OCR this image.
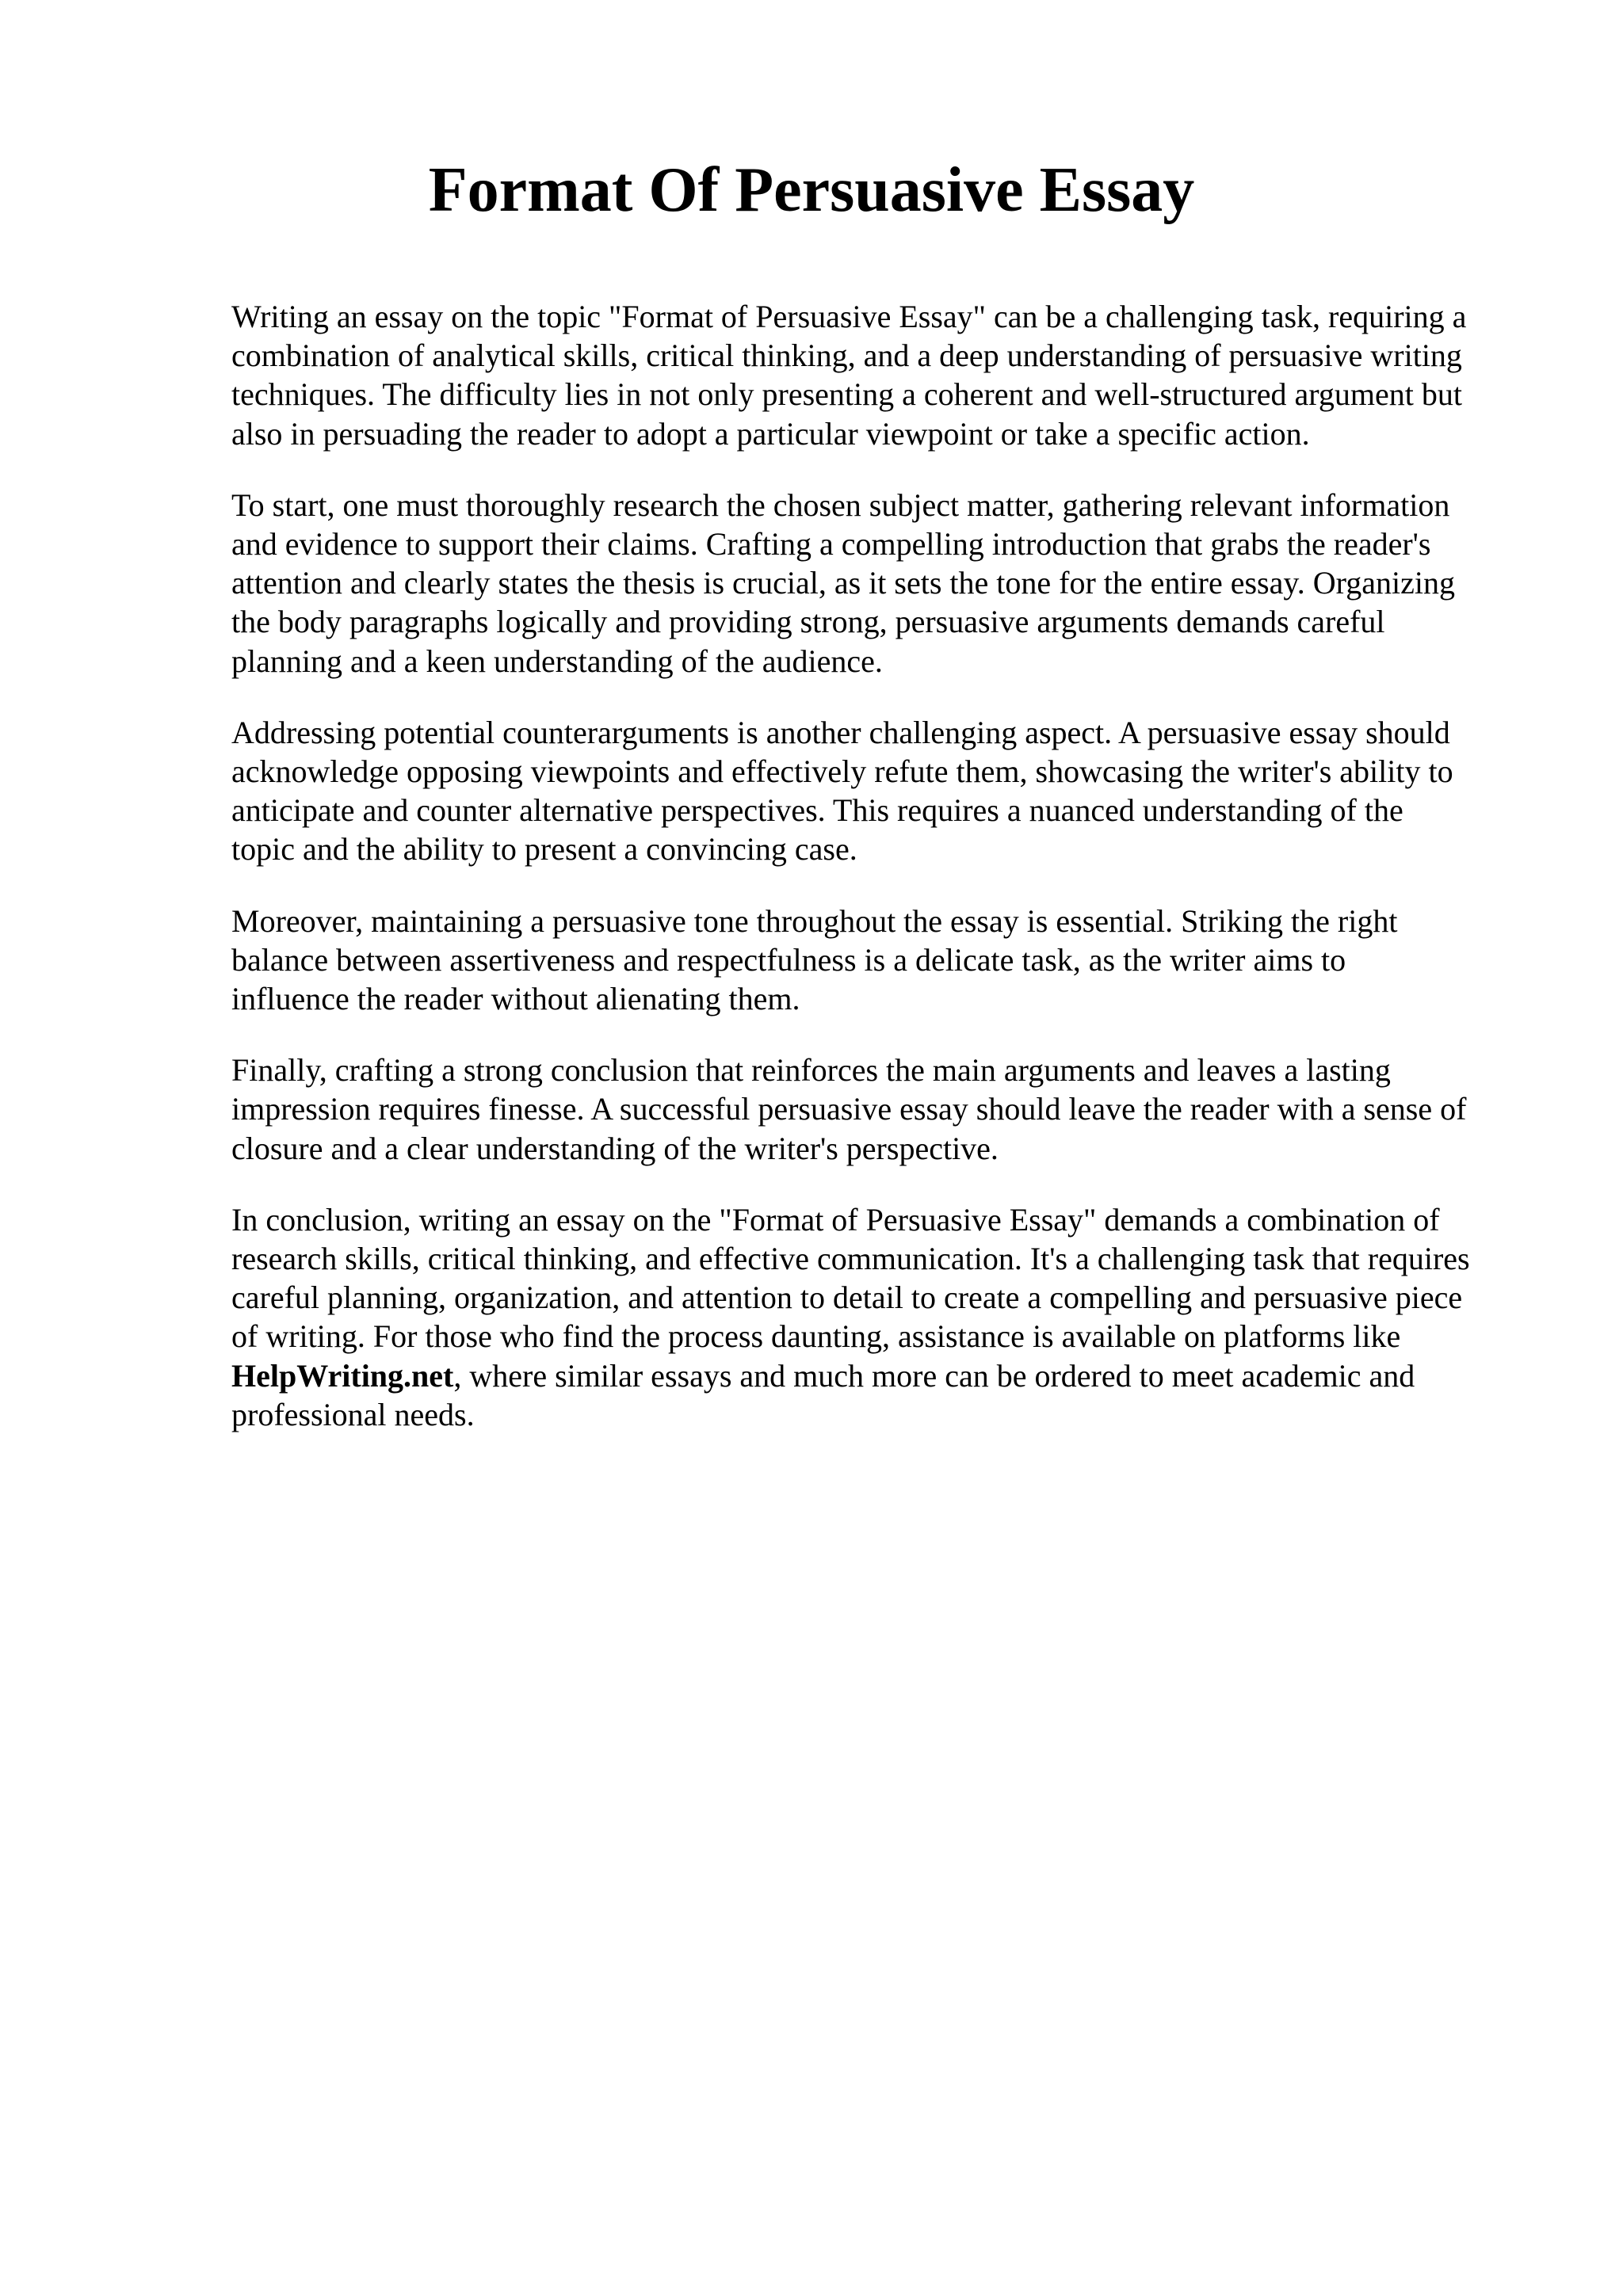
Format Of Persuasive Essay

Writing an essay on the topic "Format of Persuasive Essay" can be a challenging task, requiring a
combination of analytical skills, critical thinking, and a deep understanding of persuasive writing
techniques. The difficulty lies in not only presenting a coherent and well-structured argument but
also in persuading the reader to adopt a particular viewpoint or take a specific action.

To start, one must thoroughly research the chosen subject matter, gathering relevant information
and evidence to support their claims. Crafting a compelling introduction that grabs the reader's
attention and clearly states the thesis is crucial, as it sets the tone for the entire essay. Organizing
the body paragraphs logically and providing strong, persuasive arguments demands careful
planning and a keen understanding of the audience.

Addressing potential counterarguments is another challenging aspect. A persuasive essay should
acknowledge opposing viewpoints and effectively refute them, showcasing the writer's ability to
anticipate and counter alternative perspectives. This requires a nuanced understanding of the
topic and the ability to present a convincing case.

Moreover, maintaining a persuasive tone throughout the essay is essential. Striking the right
balance between assertiveness and respectfulness is a delicate task, as the writer aims to
influence the reader without alienating them.

Finally, crafting a strong conclusion that reinforces the main arguments and leaves a lasting
impression requires finesse. A successful persuasive essay should leave the reader with a sense of
closure and a clear understanding of the writer's perspective.

In conclusion, writing an essay on the "Format of Persuasive Essay" demands a combination of
research skills, critical thinking, and effective communication. It's a challenging task that requires
careful planning, organization, and attention to detail to create a compelling and persuasive piece
of writing. For those who find the process daunting, assistance is available on platforms like
HelpWriting.net, where similar essays and much more can be ordered to meet academic and
professional needs.
